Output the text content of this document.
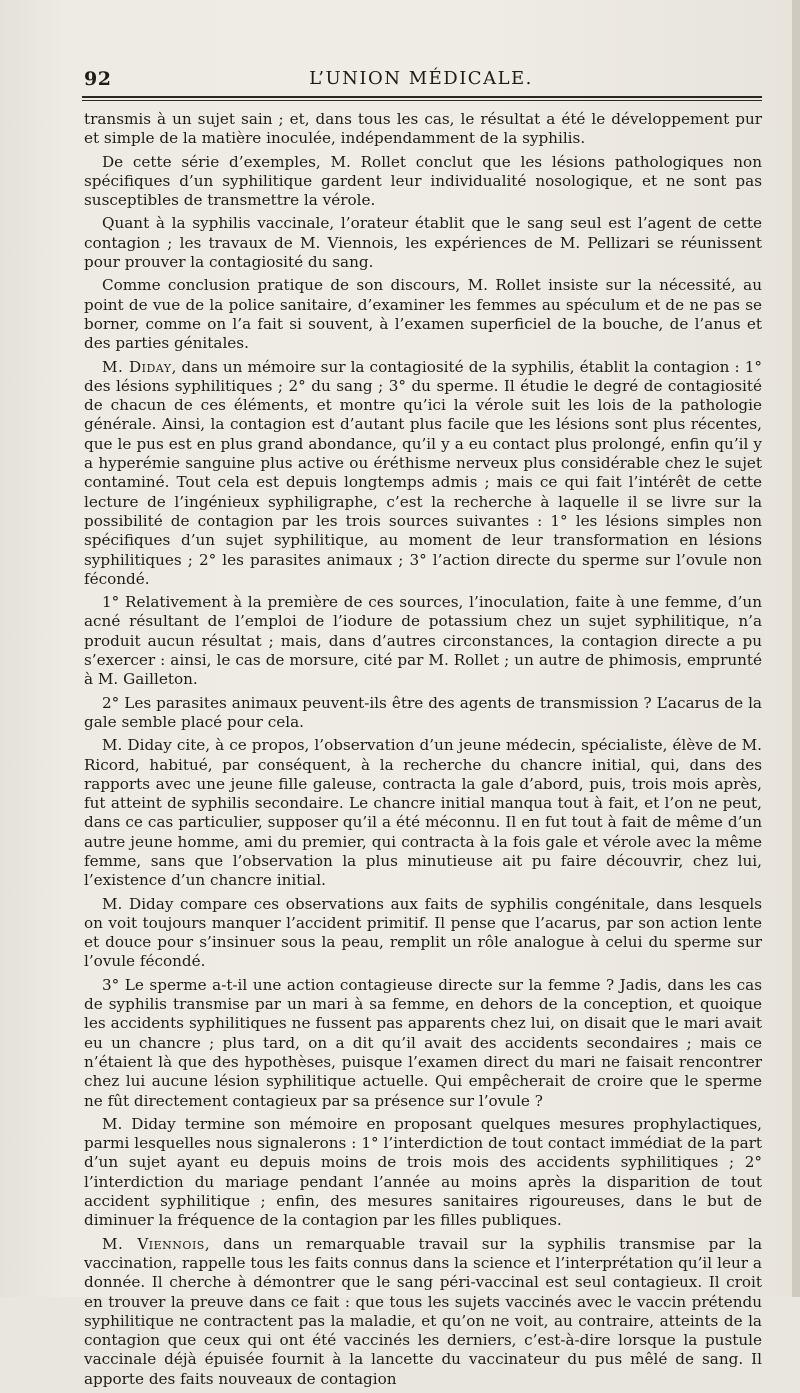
92	L’UNION MÉDICALE.

transmis à un sujet sain ; et, dans tous les cas, le résultat a été le développement pur et simple de la matière inoculée, indépendamment de la syphilis.

De cette série d’exemples, M. Rollet conclut que les lésions pathologiques non spécifiques d’un syphilitique gardent leur individualité nosologique, et ne sont pas susceptibles de transmettre la vérole.

Quant à la syphilis vaccinale, l’orateur établit que le sang seul est l’agent de cette contagion ; les travaux de M. Viennois, les expériences de M. Pellizari se réunissent pour prouver la contagiosité du sang.

Comme conclusion pratique de son discours, M. Rollet insiste sur la nécessité, au point de vue de la police sanitaire, d’examiner les femmes au spéculum et de ne pas se borner, comme on l’a fait si souvent, à l’examen superficiel de la bouche, de l’anus et des parties génitales.

M. Diday, dans un mémoire sur la contagiosité de la syphilis, établit la contagion : 1° des lésions syphilitiques ; 2° du sang ; 3° du sperme. Il étudie le degré de contagiosité de chacun de ces éléments, et montre qu’ici la vérole suit les lois de la pathologie générale. Ainsi, la contagion est d’autant plus facile que les lésions sont plus récentes, que le pus est en plus grand abondance, qu’il y a eu contact plus prolongé, enfin qu’il y a hyperémie sanguine plus active ou éréthisme nerveux plus considérable chez le sujet contaminé. Tout cela est depuis longtemps admis ; mais ce qui fait l’intérêt de cette lecture de l’ingénieux syphiligraphe, c’est la recherche à laquelle il se livre sur la possibilité de contagion par les trois sources suivantes : 1° les lésions simples non spécifiques d’un sujet syphilitique, au moment de leur transformation en lésions syphilitiques ; 2° les parasites animaux ; 3° l’action directe du sperme sur l’ovule non fécondé.

1° Relativement à la première de ces sources, l’inoculation, faite à une femme, d’un acné résultant de l’emploi de l’iodure de potassium chez un sujet syphilitique, n’a produit aucun résultat ; mais, dans d’autres circonstances, la contagion directe a pu s’exercer : ainsi, le cas de morsure, cité par M. Rollet ; un autre de phimosis, emprunté à M. Gailleton.

2° Les parasites animaux peuvent-ils être des agents de transmission ? L’acarus de la gale semble placé pour cela.

M. Diday cite, à ce propos, l’observation d’un jeune médecin, spécialiste, élève de M. Ricord, habitué, par conséquent, à la recherche du chancre initial, qui, dans des rapports avec une jeune fille galeuse, contracta la gale d’abord, puis, trois mois après, fut atteint de syphilis secondaire. Le chancre initial manqua tout à fait, et l’on ne peut, dans ce cas particulier, supposer qu’il a été méconnu. Il en fut tout à fait de même d’un autre jeune homme, ami du premier, qui contracta à la fois gale et vérole avec la même femme, sans que l’observation la plus minutieuse ait pu faire découvrir, chez lui, l’existence d’un chancre initial.

M. Diday compare ces observations aux faits de syphilis congénitale, dans lesquels on voit toujours manquer l’accident primitif. Il pense que l’acarus, par son action lente et douce pour s’insinuer sous la peau, remplit un rôle analogue à celui du sperme sur l’ovule fécondé.

3° Le sperme a-t-il une action contagieuse directe sur la femme ? Jadis, dans les cas de syphilis transmise par un mari à sa femme, en dehors de la conception, et quoique les accidents syphilitiques ne fussent pas apparents chez lui, on disait que le mari avait eu un chancre ; plus tard, on a dit qu’il avait des accidents secondaires ; mais ce n’étaient là que des hypothèses, puisque l’examen direct du mari ne faisait rencontrer chez lui aucune lésion syphilitique actuelle. Qui empêcherait de croire que le sperme ne fût directement contagieux par sa présence sur l’ovule ?

M. Diday termine son mémoire en proposant quelques mesures prophylactiques, parmi lesquelles nous signalerons : 1° l’interdiction de tout contact immédiat de la part d’un sujet ayant eu depuis moins de trois mois des accidents syphilitiques ; 2° l’interdiction du mariage pendant l’année au moins après la disparition de tout accident syphilitique ; enfin, des mesures sanitaires rigoureuses, dans le but de diminuer la fréquence de la contagion par les filles publiques.

M. Viennois, dans un remarquable travail sur la syphilis transmise par la vaccination, rappelle tous les faits connus dans la science et l’interprétation qu’il leur a donnée. Il cherche à démontrer que le sang péri-vaccinal est seul contagieux. Il croit en trouver la preuve dans ce fait : que tous les sujets vaccinés avec le vaccin prétendu syphilitique ne contractent pas la maladie, et qu’on ne voit, au contraire, atteints de la contagion que ceux qui ont été vaccinés les derniers, c’est-à-dire lorsque la pustule vaccinale déjà épuisée fournit à la lancette du vaccinateur du pus mêlé de sang. Il apporte des faits nouveaux de contagion
